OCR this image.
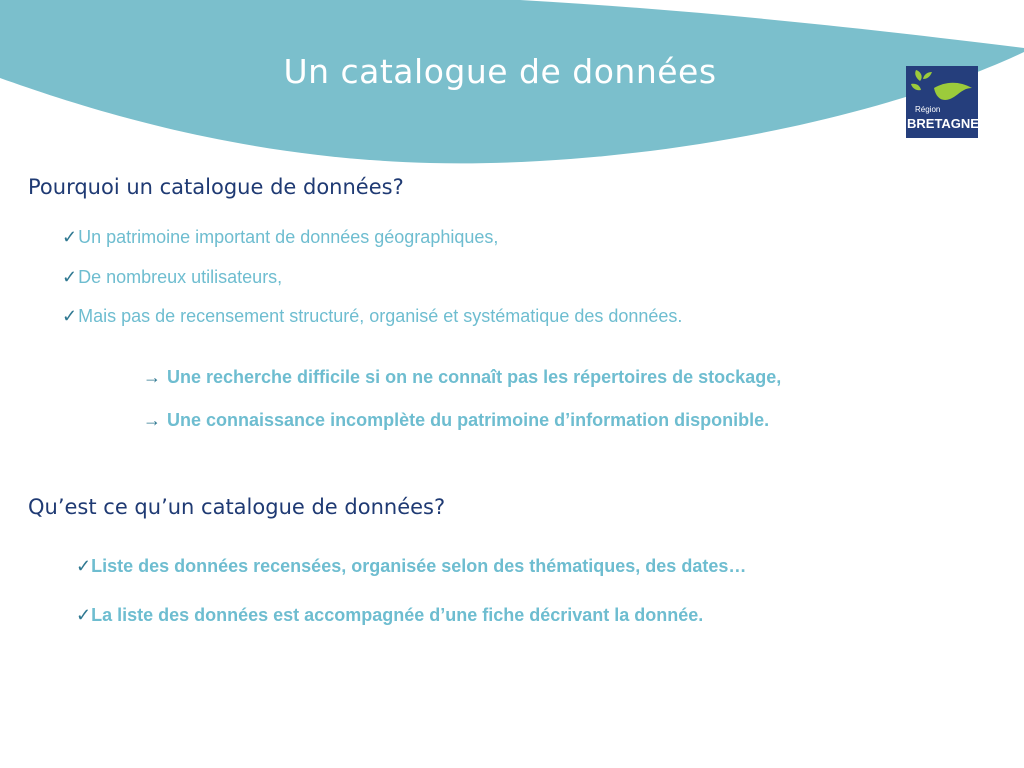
Un catalogue de données
Région
BRETAGNE
Pourquoi un catalogue de données?
✓Un patrimoine important de données géographiques,
✓De nombreux utilisateurs,
✓Mais pas de recensement structuré, organisé et systématique des données.
→ Une recherche difficile si on ne connaît pas les répertoires de stockage,
→ Une connaissance incomplète du patrimoine d’information disponible.
Qu’est ce qu’un catalogue de données?
✓Liste des données recensées, organisée selon des thématiques, des dates…
✓La liste des données est accompagnée d’une fiche décrivant la donnée.
